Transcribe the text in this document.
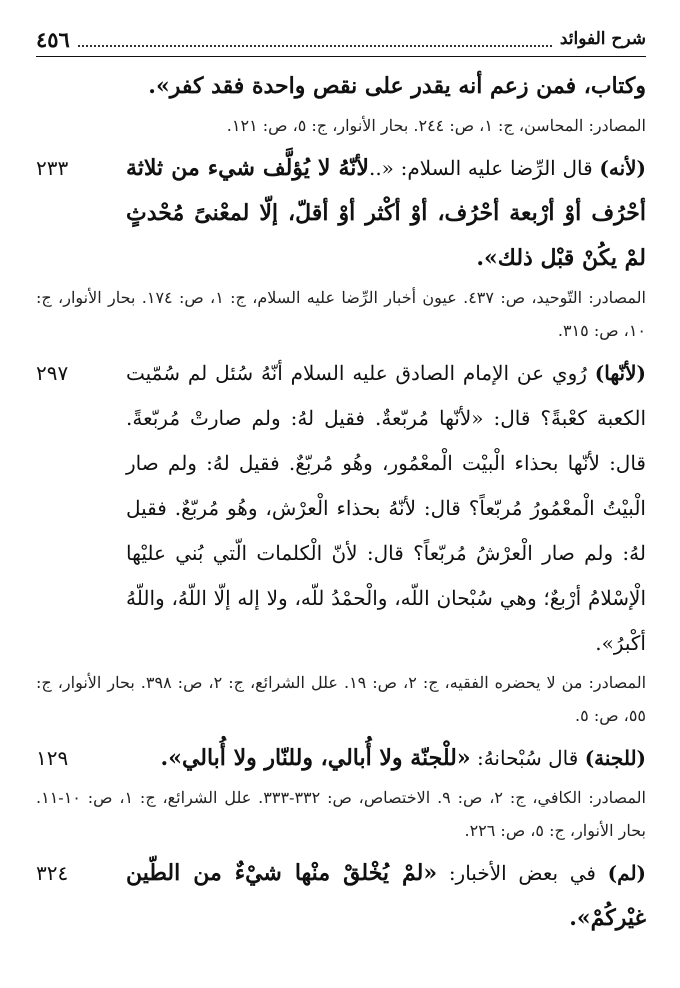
شرح الفوائد
٤٥٦
وكتاب، فمن زعم أنه يقدر على نقص واحدة فقد كفر».
المصادر: المحاسن، ج: ١، ص: ٢٤٤. بحار الأنوار، ج: ٥، ص: ١٢١.
٢٣٣	(لأنه) قال الرِّضا عليه السلام: «..لأنّهُ لا يُؤلَّف شيء من ثلاثة أحْرُف أوْ أرْبعة أحْرُف، أوْ أكْثر أوْ أقلّ، إلّا لمعْنىً مُحْدثٍ لمْ يكُنْ قبْل ذلك».
المصادر: التّوحيد، ص: ٤٣٧. عيون أخبار الرِّضا عليه السلام، ج: ١، ص: ١٧٤. بحار الأنوار، ج: ١٠، ص: ٣١٥.
٢٩٧	(لأنّها) رُوي عن الإمام الصادق عليه السلام أنّهُ سُئل لم سُمّيت الكعبة كعْبةً؟ قال: «لأنّها مُربّعةٌ. فقيل لهُ: ولم صارتْ مُربّعةً. قال: لأنّها بحذاء الْبيْت الْمعْمُور، وهُو مُربّعٌ. فقيل لهُ: ولم صار الْبيْتُ الْمعْمُورُ مُربّعاً؟ قال: لأنّهُ بحذاء الْعرْش، وهُو مُربّعٌ. فقيل لهُ: ولم صار الْعرْشُ مُربّعاً؟ قال: لأنّ الْكلمات الّتي بُني عليْها الْإسْلامُ أرْبعٌ؛ وهي سُبْحان اللّه، والْحمْدُ للّه، ولا إله إلّا اللّهُ، واللّهُ أكْبرُ».
المصادر: من لا يحضره الفقيه، ج: ٢، ص: ١٩. علل الشرائع، ج: ٢، ص: ٣٩٨. بحار الأنوار، ج: ٥٥، ص: ٥.
١٢٩	(للجنة) قال سُبْحانهُ: «للْجنّة ولا أُبالي، وللنّار ولا أُبالي».
المصادر: الكافي، ج: ٢، ص: ٩. الاختصاص، ص: ٣٣٢-٣٣٣. علل الشرائع، ج: ١، ص: ١٠-١١. بحار الأنوار، ج: ٥، ص: ٢٢٦.
٣٢٤	(لم) في بعض الأخبار: «لمْ يُخْلقْ منْها شيْءٌ من الطّين غيْركُمْ».
